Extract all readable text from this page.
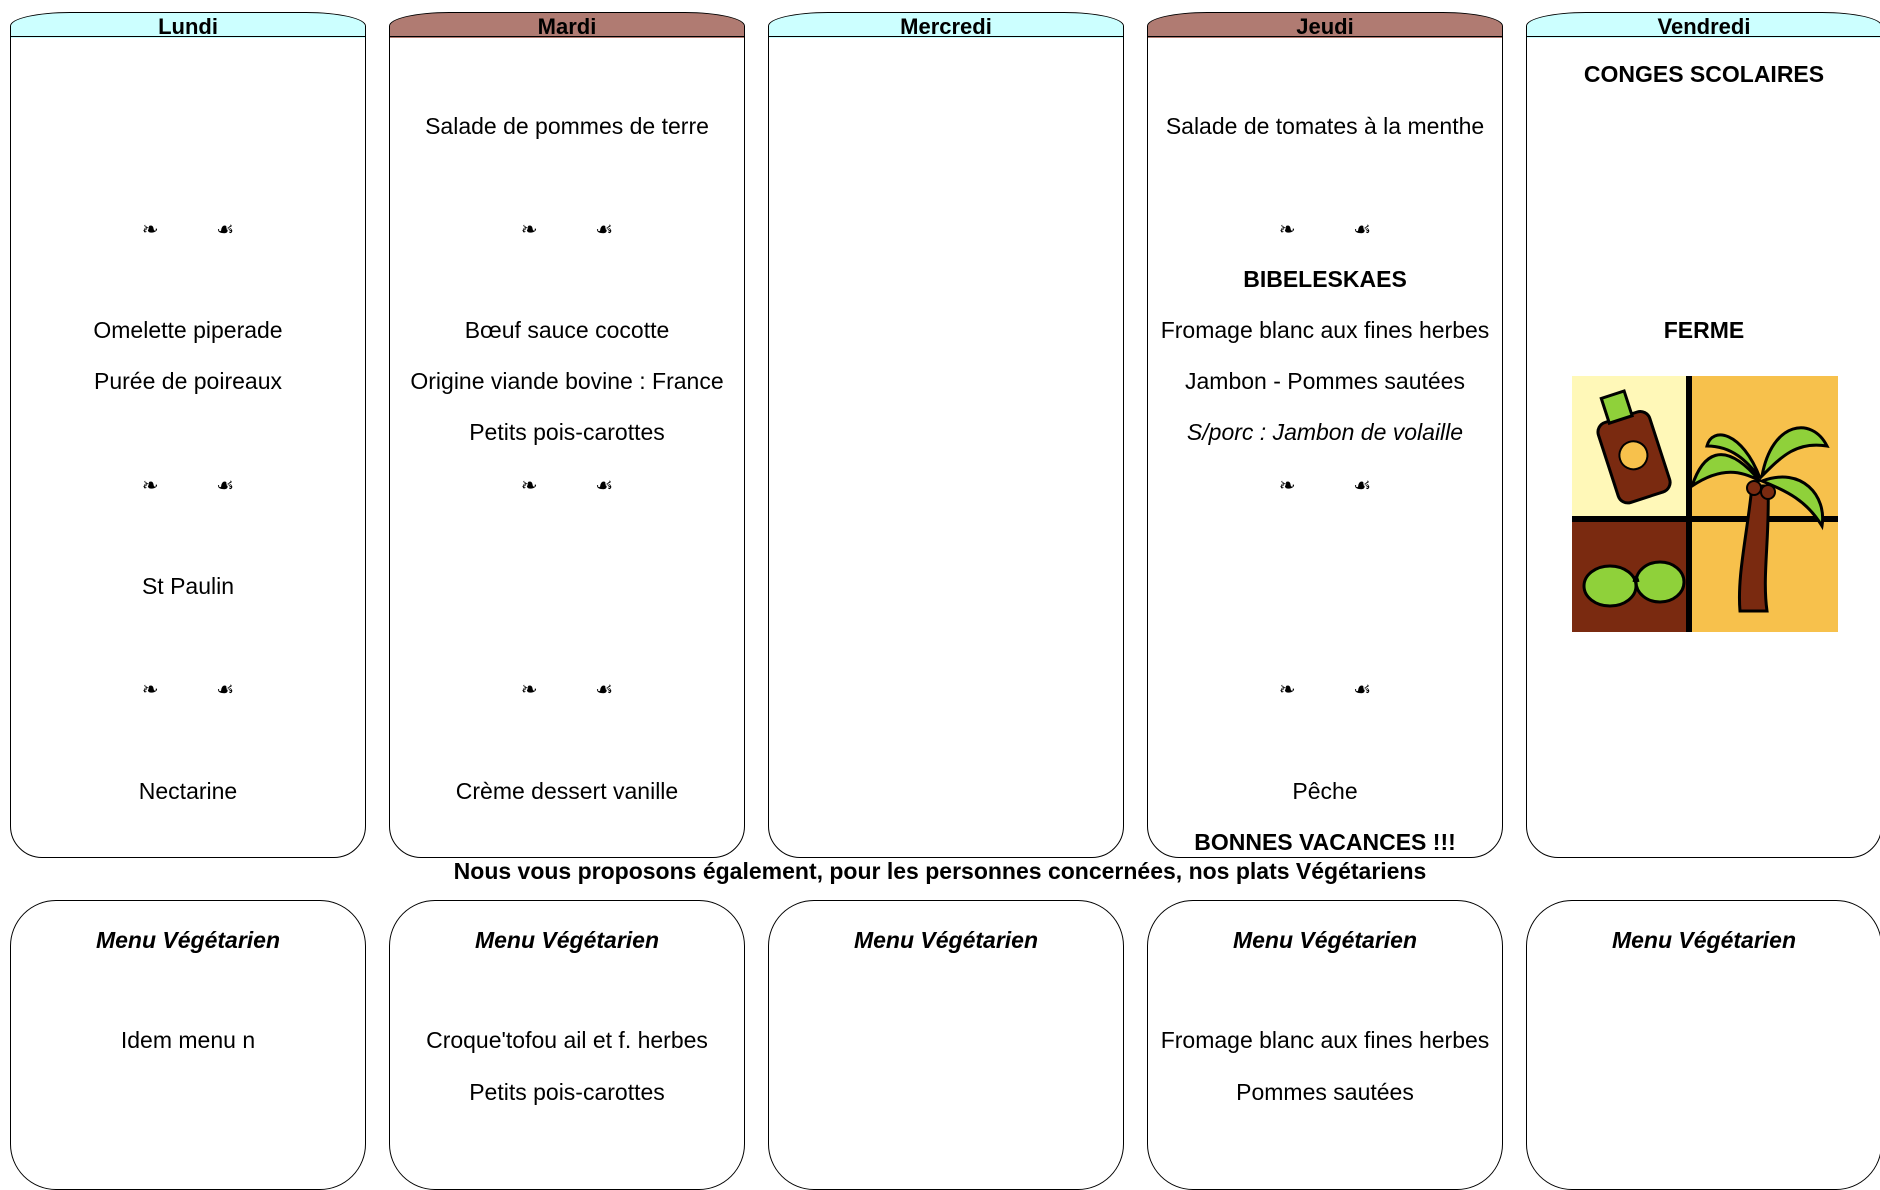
Lundi
❧ ☙
Omelette piperade
Purée de poireaux
❧ ☙
St Paulin
❧ ☙
Nectarine
Mardi
Salade de pommes de terre
❧ ☙
Bœuf sauce cocotte
Origine viande bovine : France
Petits pois-carottes
❧ ☙
❧ ☙
Crème dessert vanille
Mercredi	Jeudi
Salade de tomates à la menthe
❧ ☙
BIBELESKAES
Fromage blanc aux fines herbes
Jambon - Pommes sautées
S/porc : Jambon de volaille
❧ ☙
❧ ☙
Pêche
BONNES VACANCES !!!
Vendredi
CONGES SCOLAIRES
FERME
Nous vous proposons également, pour les personnes concernées, nos plats Végétariens
Menu Végétarien
Idem menu n
Menu Végétarien
Croque'tofou ail et f. herbes
Petits pois-carottes
Menu Végétarien	Menu Végétarien
Fromage blanc aux fines herbes
Pommes sautées
Menu Végétarien
